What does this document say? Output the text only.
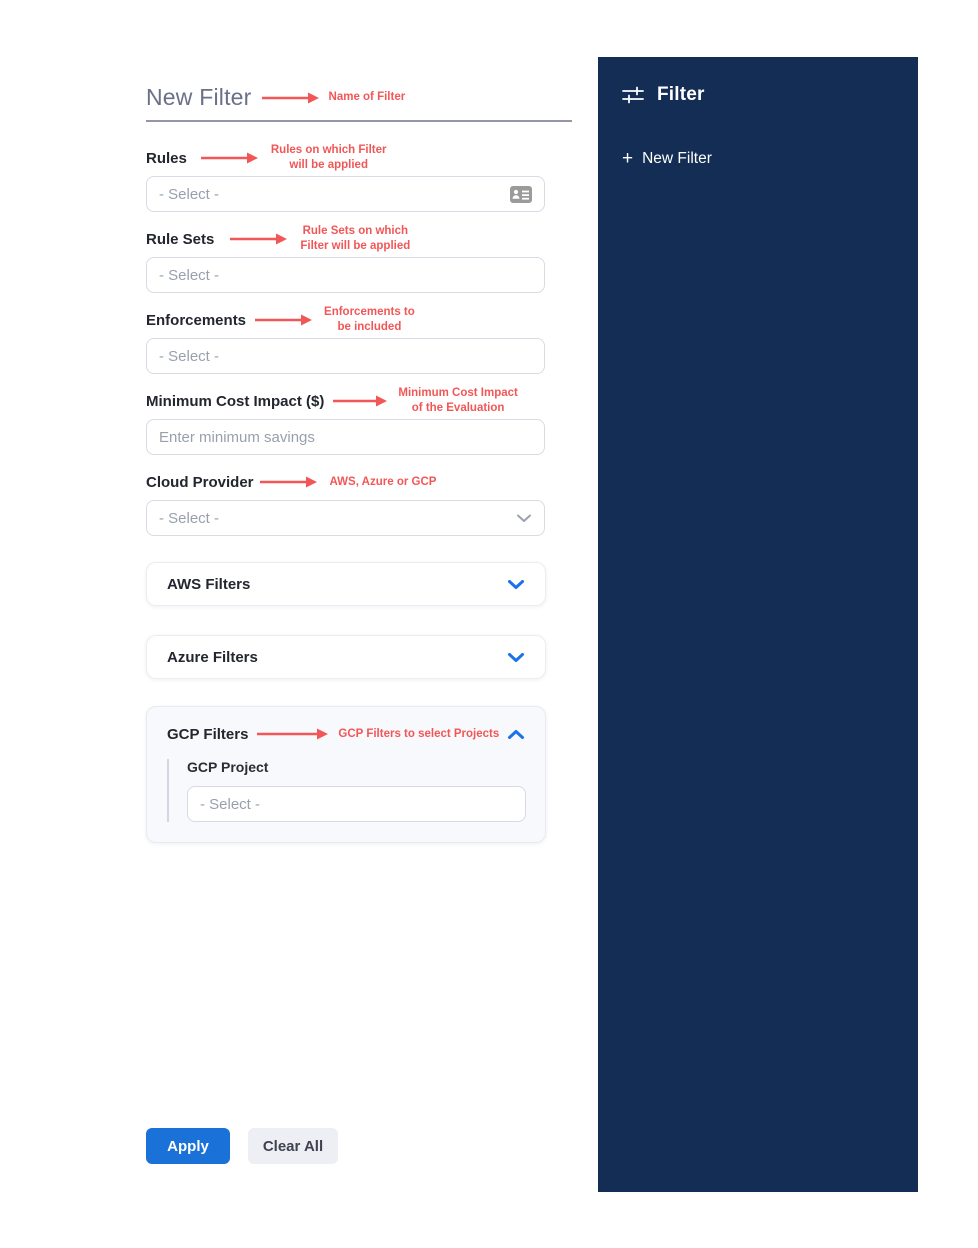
New Filter	Name of Filter
Rules	Rules on which Filter
will be applied
- Select -
Rule Sets	Rule Sets on which
Filter will be applied
- Select -
Enforcements	Enforcements to
be included
- Select -
Minimum Cost Impact ($)	Minimum Cost Impact
of the Evaluation
Enter minimum savings
Cloud Provider	AWS, Azure or GCP
- Select -
AWS Filters
Azure Filters
GCP Filters	GCP Filters to select Projects
GCP Project
- Select -
Apply	Clear All
Filter
+ New Filter
